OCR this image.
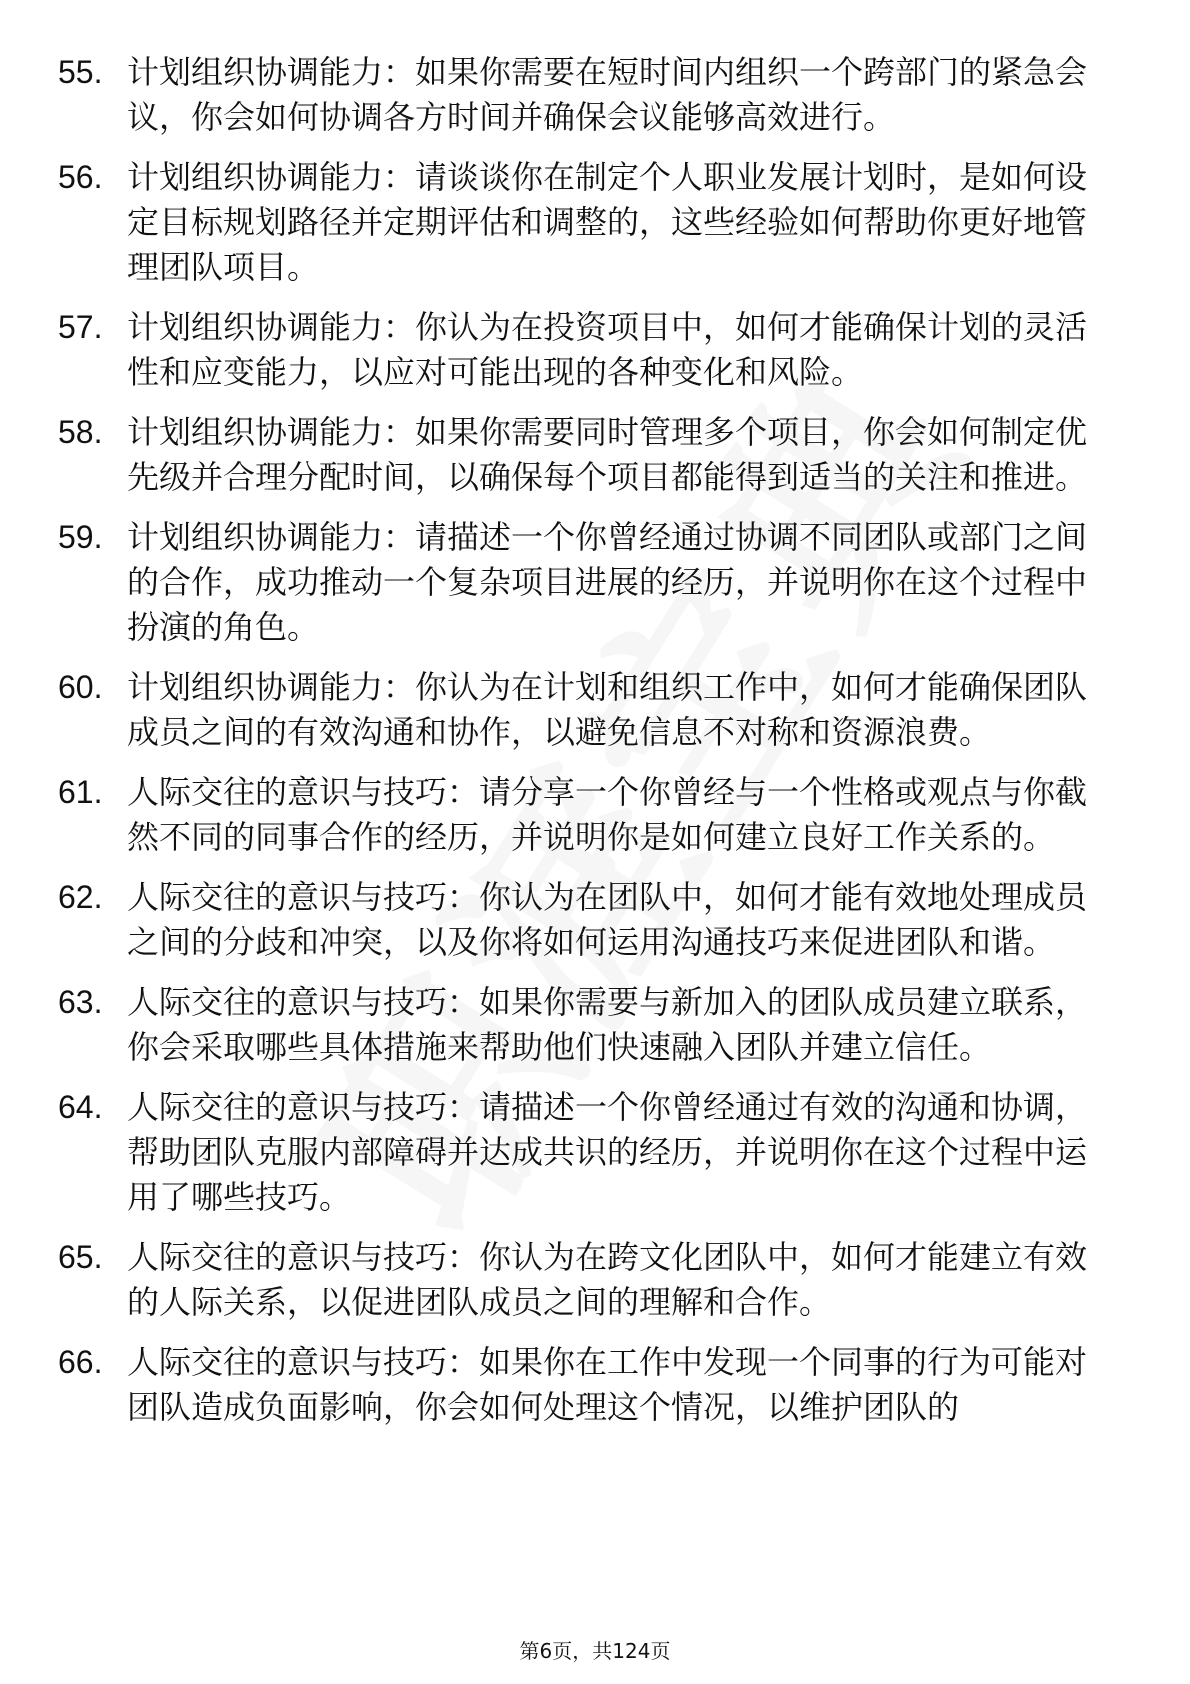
55. 计划组织协调能力：如果你需要在短时间内组织一个跨部门的紧急会议，你会如何协调各方时间并确保会议能够高效进行。
56. 计划组织协调能力：请谈谈你在制定个人职业发展计划时，是如何设定目标规划路径并定期评估和调整的，这些经验如何帮助你更好地管理团队项目。
57. 计划组织协调能力：你认为在投资项目中，如何才能确保计划的灵活性和应变能力，以应对可能出现的各种变化和风险。
58. 计划组织协调能力：如果你需要同时管理多个项目，你会如何制定优先级并合理分配时间，以确保每个项目都能得到适当的关注和推进。
59. 计划组织协调能力：请描述一个你曾经通过协调不同团队或部门之间的合作，成功推动一个复杂项目进展的经历，并说明你在这个过程中扮演的角色。
60. 计划组织协调能力：你认为在计划和组织工作中，如何才能确保团队成员之间的有效沟通和协作，以避免信息不对称和资源浪费。
61. 人际交往的意识与技巧：请分享一个你曾经与一个性格或观点与你截然不同的同事合作的经历，并说明你是如何建立良好工作关系的。
62. 人际交往的意识与技巧：你认为在团队中，如何才能有效地处理成员之间的分歧和冲突，以及你将如何运用沟通技巧来促进团队和谐。
63. 人际交往的意识与技巧：如果你需要与新加入的团队成员建立联系，你会采取哪些具体措施来帮助他们快速融入团队并建立信任。
64. 人际交往的意识与技巧：请描述一个你曾经通过有效的沟通和协调，帮助团队克服内部障碍并达成共识的经历，并说明你在这个过程中运用了哪些技巧。
65. 人际交往的意识与技巧：你认为在跨文化团队中，如何才能建立有效的人际关系，以促进团队成员之间的理解和合作。
66. 人际交往的意识与技巧：如果你在工作中发现一个同事的行为可能对团队造成负面影响，你会如何处理这个情况，以维护团队的
第6页，共124页
